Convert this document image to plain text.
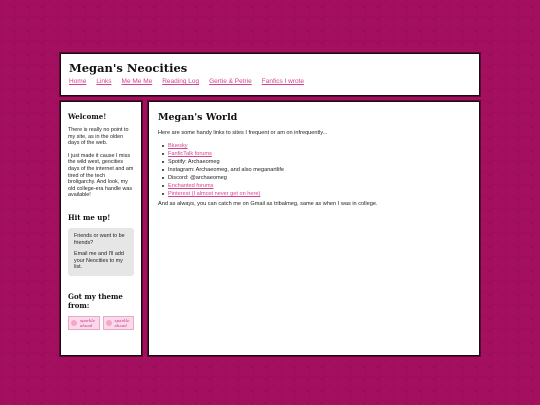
Megan's Neocities
Home Links Me Me Me Reading Log Gertie & Petrie Fanfics I wrote
Welcome!
There is really no point to my site, as in the olden days of the web.
I just made it cause I miss the wild west, geocities days of the internet and am tired of the tech broligarchy. And look, my old college-era handle was available!
Hit me up!
Friends or want to be friends?
Email me and I'll add your Neocities to my list.
Got my theme from:
sparkle ahead
sparkle ahead
Megan's World
Here are some handy links to sites I frequent or am on infrequently...
Bluesky
FanficTalk forums
Spotify: Archaeomeg
Instagram: Archaeomeg, and also meganartlife
Discord: @archaeomeg
Enchanted forums
Pinterest (I almost never get on here)
And as always, you can catch me on Gmail as tribalmeg, same as when I was in college.
